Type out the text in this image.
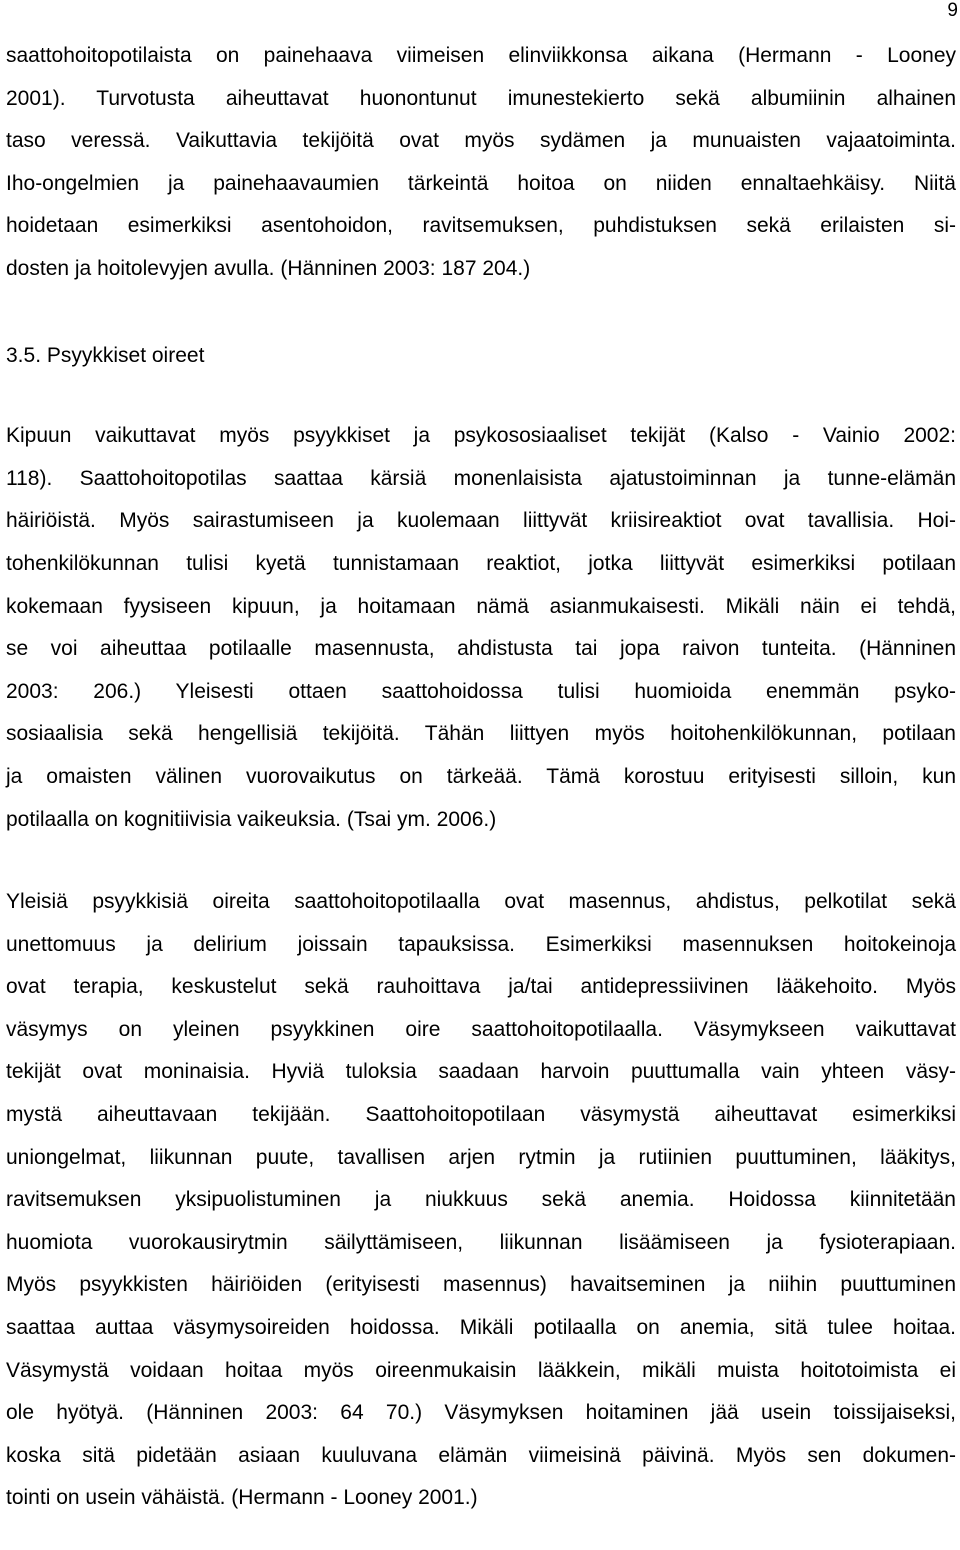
9
saattohoitopotilaista on painehaava viimeisen elinviikkonsa aikana (Hermann - Looney
2001). Turvotusta aiheuttavat huonontunut imunestekierto sekä albumiinin alhainen
taso veressä. Vaikuttavia tekijöitä ovat myös sydämen ja munuaisten vajaatoiminta.
Iho-ongelmien ja painehaavaumien tärkeintä hoitoa on niiden ennaltaehkäisy. Niitä
hoidetaan esimerkiksi asentohoidon, ravitsemuksen, puhdistuksen sekä erilaisten si-
dosten ja hoitolevyjen avulla. (Hänninen 2003: 187 204.)
3.5. Psyykkiset oireet
Kipuun vaikuttavat myös psyykkiset ja psykososiaaliset tekijät (Kalso - Vainio 2002:
118). Saattohoitopotilas saattaa kärsiä monenlaisista ajatustoiminnan ja tunne-elämän
häiriöistä. Myös sairastumiseen ja kuolemaan liittyvät kriisireaktiot ovat tavallisia. Hoi-
tohenkilökunnan tulisi kyetä tunnistamaan reaktiot, jotka liittyvät esimerkiksi potilaan
kokemaan fyysiseen kipuun, ja hoitamaan nämä asianmukaisesti. Mikäli näin ei tehdä,
se voi aiheuttaa potilaalle masennusta, ahdistusta tai jopa raivon tunteita. (Hänninen
2003: 206.) Yleisesti ottaen saattohoidossa tulisi huomioida enemmän psyko-
sosiaalisia sekä hengellisiä tekijöitä. Tähän liittyen myös hoitohenkilökunnan, potilaan
ja omaisten välinen vuorovaikutus on tärkeää. Tämä korostuu erityisesti silloin, kun
potilaalla on kognitiivisia vaikeuksia. (Tsai ym. 2006.)
Yleisiä psyykkisiä oireita saattohoitopotilaalla ovat masennus, ahdistus, pelkotilat sekä
unettomuus ja delirium joissain tapauksissa. Esimerkiksi masennuksen hoitokeinoja
ovat terapia, keskustelut sekä rauhoittava ja/tai antidepressiivinen lääkehoito. Myös
väsymys on yleinen psyykkinen oire saattohoitopotilaalla. Väsymykseen vaikuttavat
tekijät ovat moninaisia. Hyviä tuloksia saadaan harvoin puuttumalla vain yhteen väsy-
mystä aiheuttavaan tekijään. Saattohoitopotilaan väsymystä aiheuttavat esimerkiksi
uniongelmat, liikunnan puute, tavallisen arjen rytmin ja rutiinien puuttuminen, lääkitys,
ravitsemuksen yksipuolistuminen ja niukkuus sekä anemia. Hoidossa kiinnitetään
huomiota vuorokausirytmin säilyttämiseen, liikunnan lisäämiseen ja fysioterapiaan.
Myös psyykkisten häiriöiden (erityisesti masennus) havaitseminen ja niihin puuttuminen
saattaa auttaa väsymysoireiden hoidossa. Mikäli potilaalla on anemia, sitä tulee hoitaa.
Väsymystä voidaan hoitaa myös oireenmukaisin lääkkein, mikäli muista hoitotoimista ei
ole hyötyä. (Hänninen 2003: 64 70.) Väsymyksen hoitaminen jää usein toissijaiseksi,
koska sitä pidetään asiaan kuuluvana elämän viimeisinä päivinä. Myös sen dokumen-
tointi on usein vähäistä. (Hermann - Looney 2001.)
